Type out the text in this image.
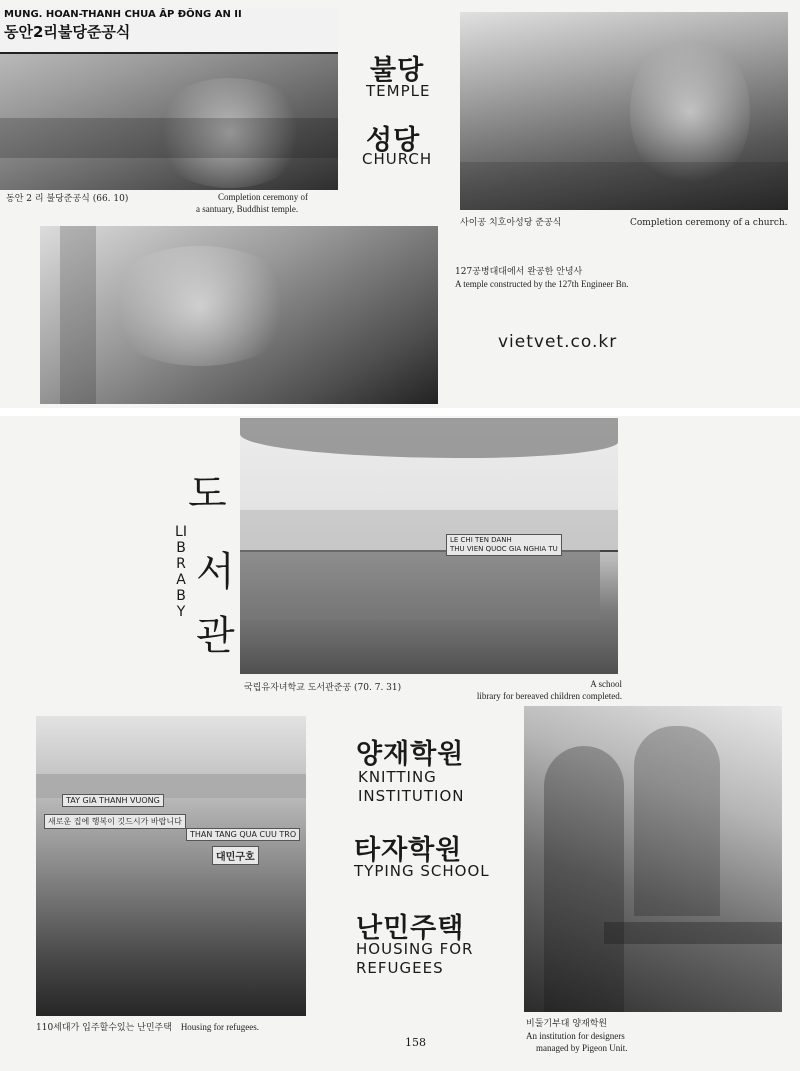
MUNG. HOAN-THANH CHUA ẤP ĐÔNG AN II
동안2리불당준공식
동안 2 리 불당준공식 (66. 10)	Completion ceremony of
a santuary, Buddhist temple.
불당
TEMPLE
성당
CHURCH
사이공 치호아성당 준공식	Completion ceremony of a church.
127공병대대에서 완공한 안녕사
A temple constructed by the 127th Engineer Bn.
vietvet.co.kr
도
서
관
LIBRABY
LE CHI TEN DANH
THU VIEN QUOC GIA NGHIA TU
국립유자녀학교 도서관준공 (70. 7. 31)	A school
library for bereaved children completed.
TAY GIA THANH VUONG
새로운 집에 행복이 깃드시가 바랍니다
THAN TANG QUA CUU TRO
대민구호
110세대가 입주할수있는 난민주택 Housing for refugees.
양재학원
KNITTING
INSTITUTION
타자학원
TYPING SCHOOL
난민주택
HOUSING FOR
REFUGEES
비둘기부대 양재학원
An institution for designers
managed by Pigeon Unit.
158
